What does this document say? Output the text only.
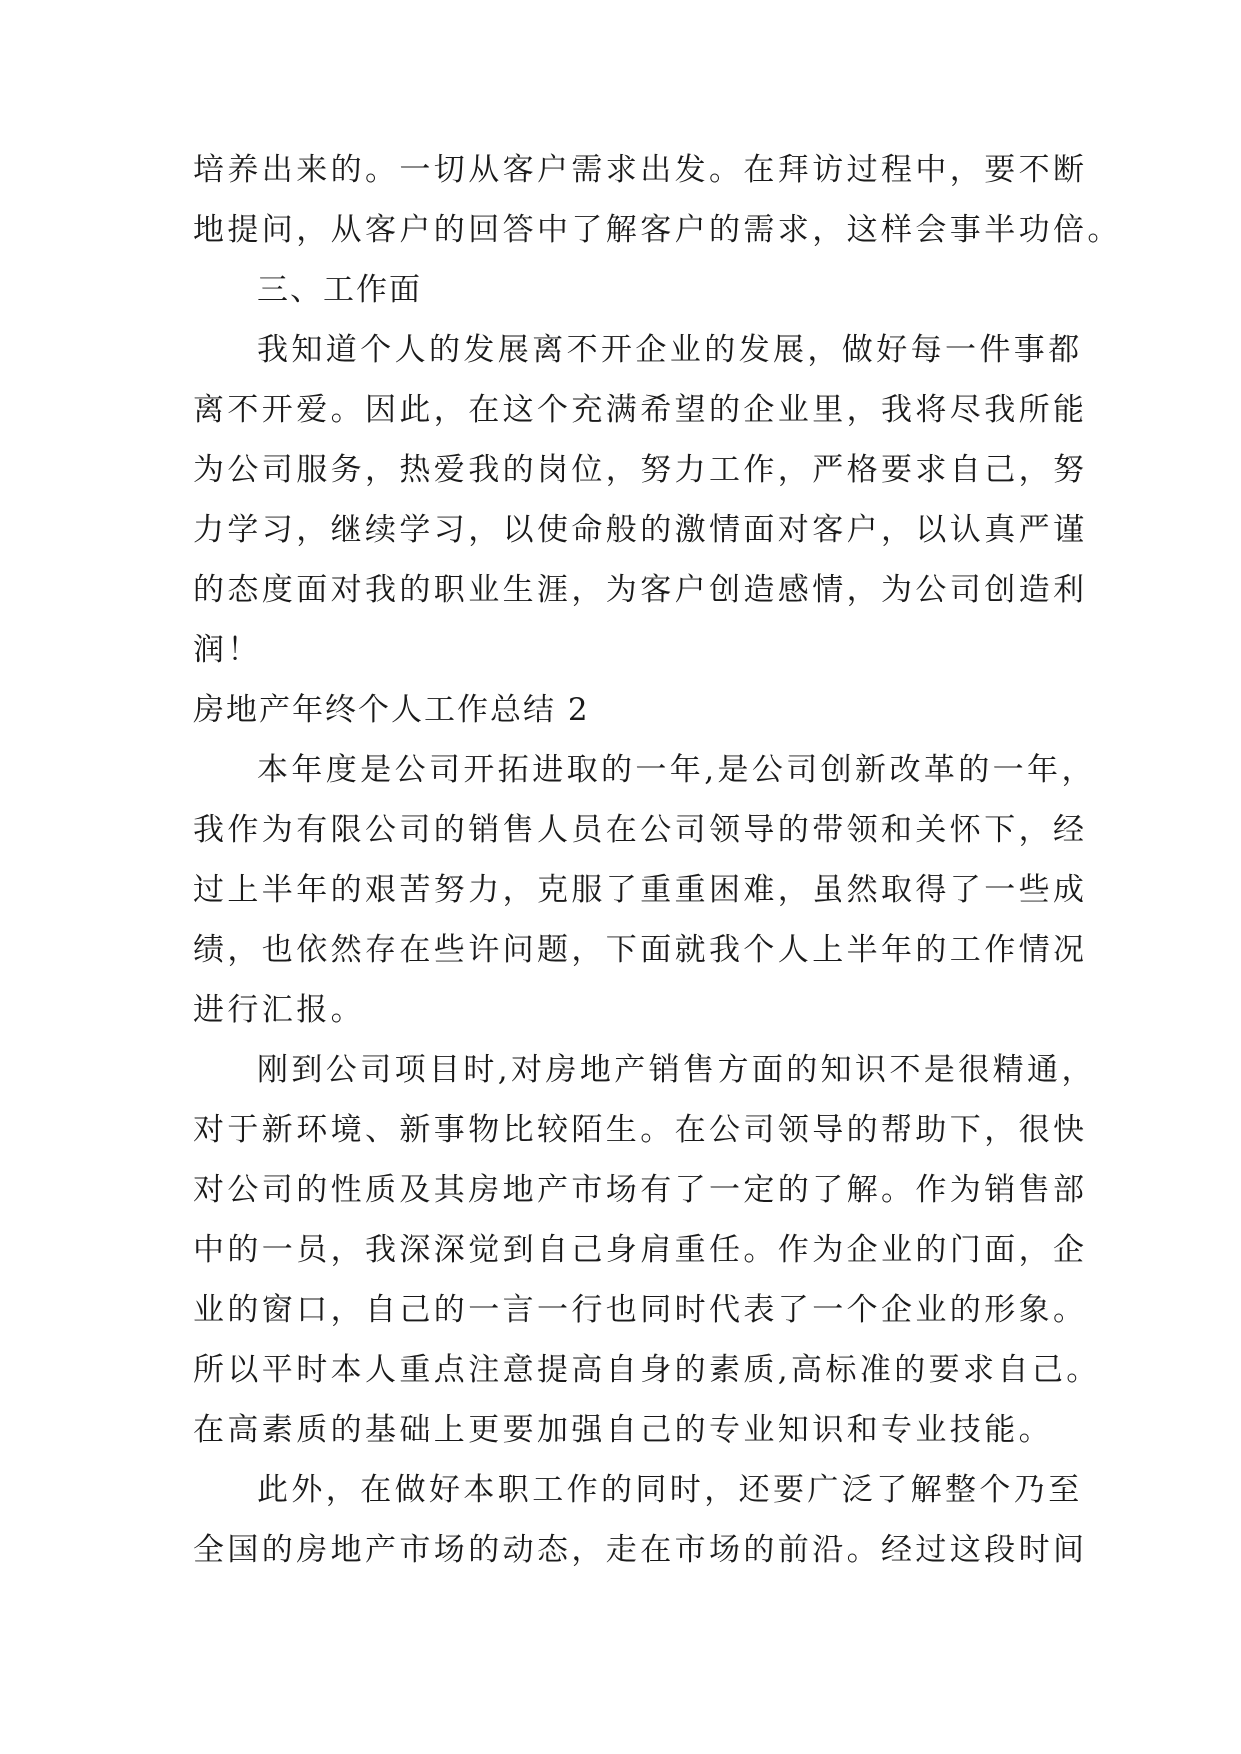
培养出来的。一切从客户需求出发。在拜访过程中，要不断
地提问，从客户的回答中了解客户的需求，这样会事半功倍。
三、工作面
我知道个人的发展离不开企业的发展，做好每一件事都
离不开爱。因此，在这个充满希望的企业里，我将尽我所能
为公司服务，热爱我的岗位，努力工作，严格要求自己，努
力学习，继续学习，以使命般的激情面对客户，以认真严谨
的态度面对我的职业生涯，为客户创造感情，为公司创造利
润！
房地产年终个人工作总结 2
本年度是公司开拓进取的一年,是公司创新改革的一年，
我作为有限公司的销售人员在公司领导的带领和关怀下，经
过上半年的艰苦努力，克服了重重困难，虽然取得了一些成
绩，也依然存在些许问题，下面就我个人上半年的工作情况
进行汇报。
刚到公司项目时,对房地产销售方面的知识不是很精通，
对于新环境、新事物比较陌生。在公司领导的帮助下，很快
对公司的性质及其房地产市场有了一定的了解。作为销售部
中的一员，我深深觉到自己身肩重任。作为企业的门面，企
业的窗口，自己的一言一行也同时代表了一个企业的形象。
所以平时本人重点注意提高自身的素质,高标准的要求自己。
在高素质的基础上更要加强自己的专业知识和专业技能。
此外，在做好本职工作的同时，还要广泛了解整个乃至
全国的房地产市场的动态，走在市场的前沿。经过这段时间
